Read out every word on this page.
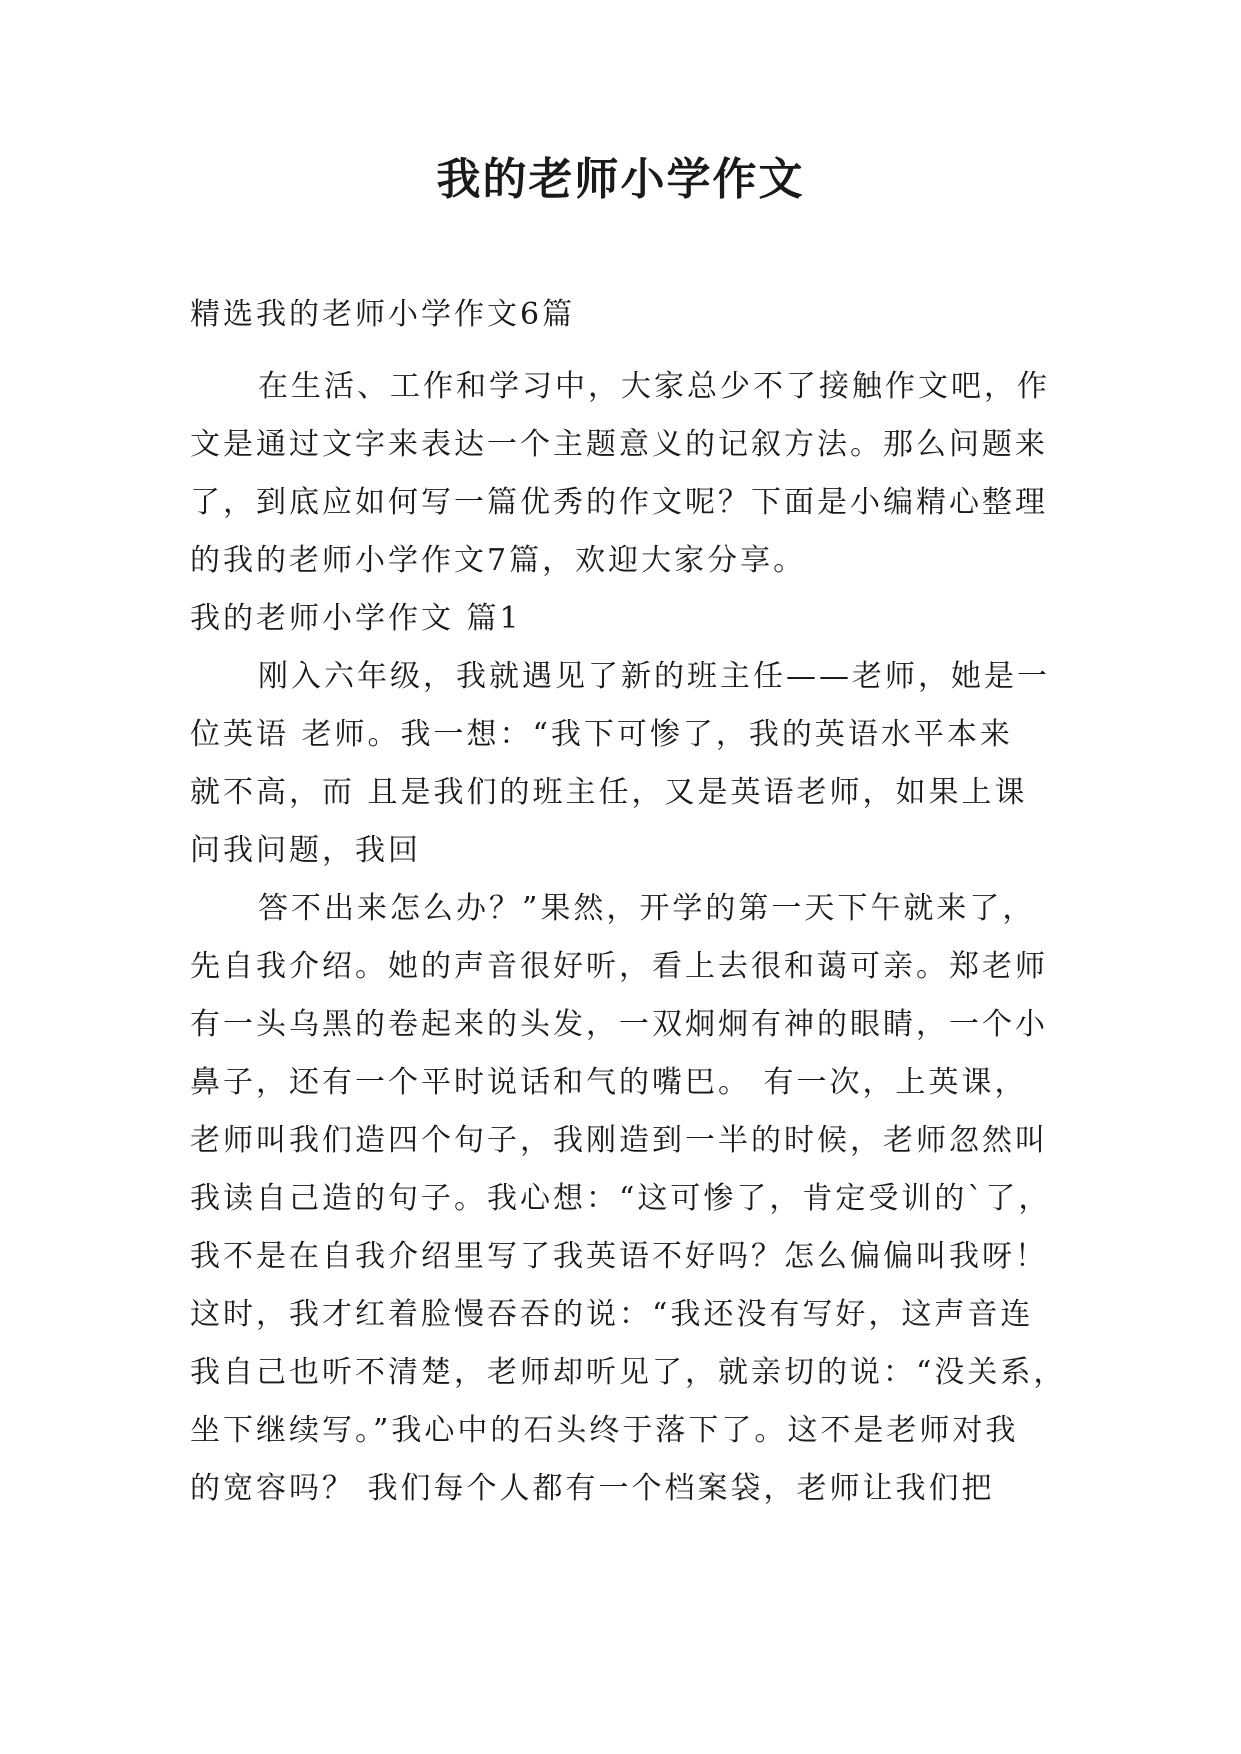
我的老师小学作文

精选我的老师小学作文6篇

在生活、工作和学习中，大家总少不了接触作文吧，作
文是通过文字来表达一个主题意义的记叙方法。那么问题来
了，到底应如何写一篇优秀的作文呢？下面是小编精心整理
的我的老师小学作文7篇，欢迎大家分享。
我的老师小学作文 篇1
刚入六年级，我就遇见了新的班主任——老师，她是一
位英语 老师。我一想：“我下可惨了，我的英语水平本来
就不高，而 且是我们的班主任，又是英语老师，如果上课
问我问题，我回
答不出来怎么办？”果然，开学的第一天下午就来了，
先自我介绍。她的声音很好听，看上去很和蔼可亲。郑老师
有一头乌黑的卷起来的头发，一双炯炯有神的眼睛，一个小
鼻子，还有一个平时说话和气的嘴巴。 有一次，上英课，
老师叫我们造四个句子，我刚造到一半的时候，老师忽然叫
我读自己造的句子。我心想：“这可惨了，肯定受训的`了，
我不是在自我介绍里写了我英语不好吗？怎么偏偏叫我呀！
这时，我才红着脸慢吞吞的说：“我还没有写好，这声音连
我自己也听不清楚，老师却听见了，就亲切的说：“没关系，
坐下继续写。”我心中的石头终于落下了。这不是老师对我
的宽容吗？ 我们每个人都有一个档案袋，老师让我们把
